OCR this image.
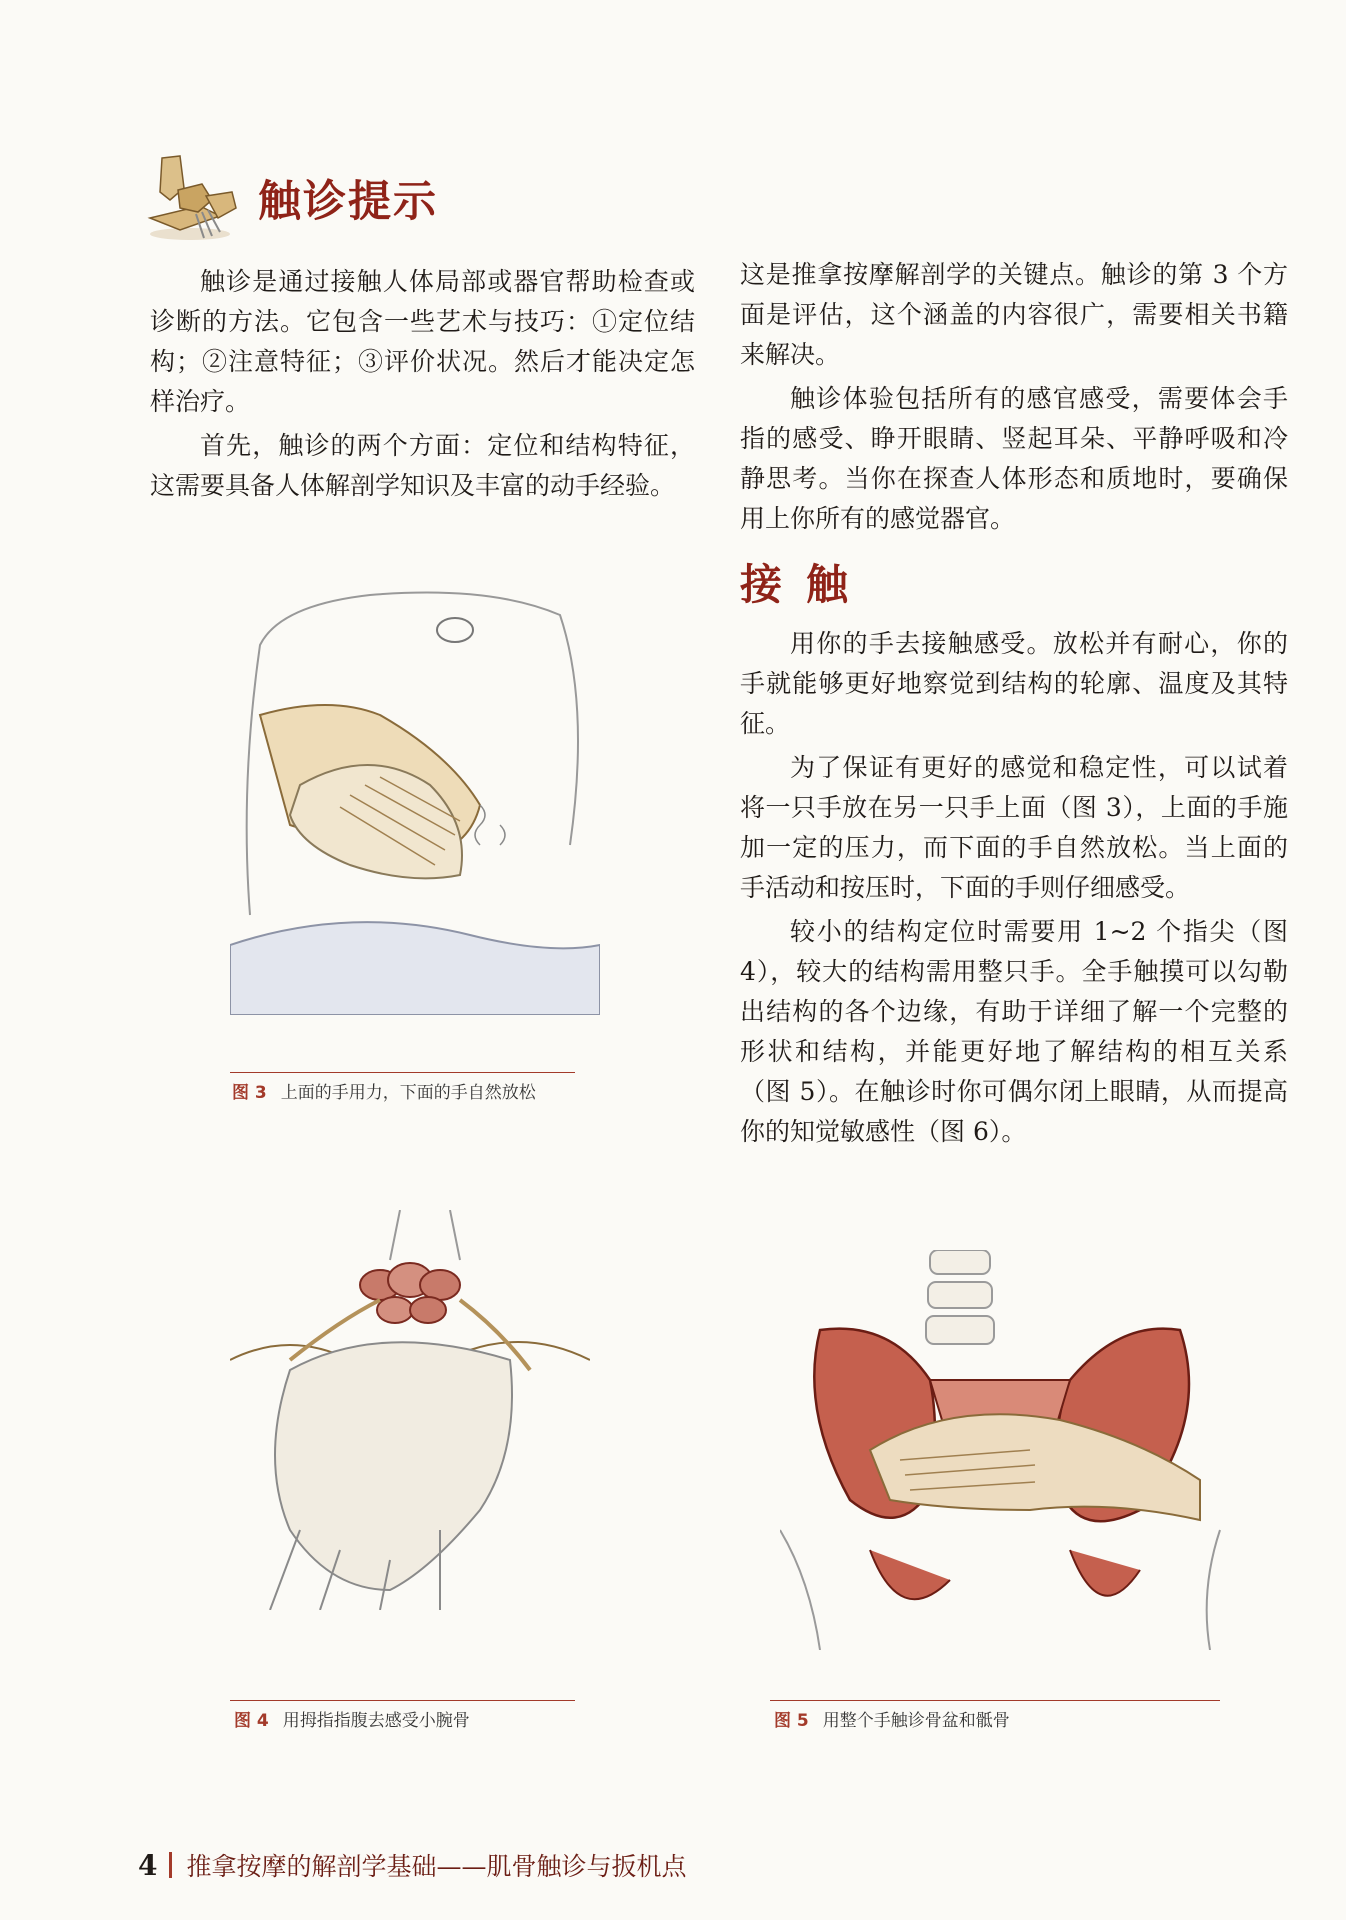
触诊提示

触诊是通过接触人体局部或器官帮助检查或诊断的方法。它包含一些艺术与技巧：①定位结构；②注意特征；③评价状况。然后才能决定怎样治疗。

首先，触诊的两个方面：定位和结构特征，这需要具备人体解剖学知识及丰富的动手经验。

这是推拿按摩解剖学的关键点。触诊的第 3 个方面是评估，这个涵盖的内容很广，需要相关书籍来解决。

触诊体验包括所有的感官感受，需要体会手指的感受、睁开眼睛、竖起耳朵、平静呼吸和冷静思考。当你在探查人体形态和质地时，要确保用上你所有的感觉器官。

接触

用你的手去接触感受。放松并有耐心，你的手就能够更好地察觉到结构的轮廓、温度及其特征。

为了保证有更好的感觉和稳定性，可以试着将一只手放在另一只手上面（图 3），上面的手施加一定的压力，而下面的手自然放松。当上面的手活动和按压时，下面的手则仔细感受。

较小的结构定位时需要用 1~2 个指尖（图 4），较大的结构需用整只手。全手触摸可以勾勒出结构的各个边缘，有助于详细了解一个完整的形状和结构，并能更好地了解结构的相互关系（图 5）。在触诊时你可偶尔闭上眼睛，从而提高你的知觉敏感性（图 6）。

图 3 上面的手用力，下面的手自然放松
图 4 用拇指指腹去感受小腕骨	图 5 用整个手触诊骨盆和骶骨
4 推拿按摩的解剖学基础——肌骨触诊与扳机点
